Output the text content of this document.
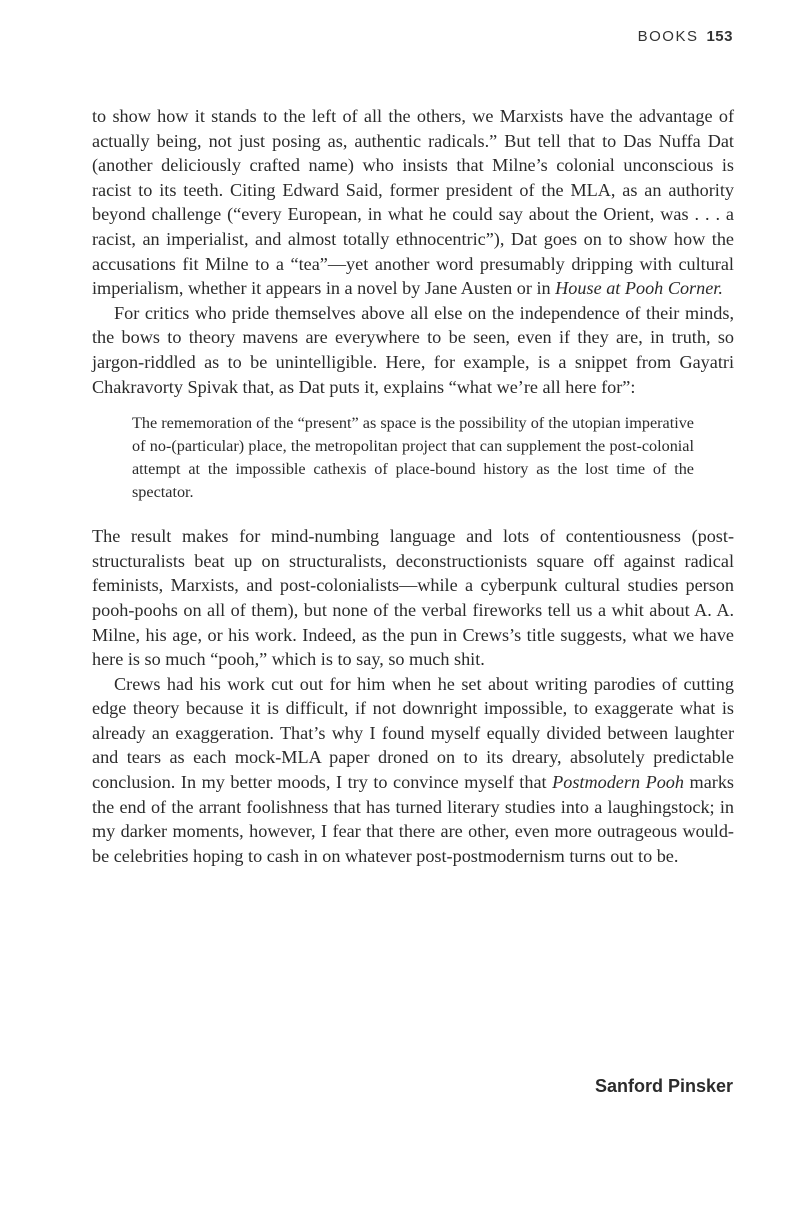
BOOKS 153

to show how it stands to the left of all the others, we Marxists have the advantage of actually being, not just posing as, authentic radicals.” But tell that to Das Nuffa Dat (another deliciously crafted name) who insists that Milne’s colonial unconscious is racist to its teeth. Citing Edward Said, former president of the MLA, as an authority beyond challenge (“every European, in what he could say about the Orient, was . . . a racist, an imperialist, and almost totally ethnocentric”), Dat goes on to show how the accusations fit Milne to a “tea”—yet another word presumably dripping with cultural imperialism, whether it appears in a novel by Jane Austen or in House at Pooh Corner.

For critics who pride themselves above all else on the independence of their minds, the bows to theory mavens are everywhere to be seen, even if they are, in truth, so jargon-riddled as to be unintelligible. Here, for example, is a snippet from Gayatri Chakravorty Spivak that, as Dat puts it, explains “what we’re all here for”:

The rememoration of the “present” as space is the possibility of the utopian imperative of no-(particular) place, the metropolitan project that can supplement the post-colonial attempt at the impossible cathexis of place-bound history as the lost time of the spectator.

The result makes for mind-numbing language and lots of contentiousness (post-structuralists beat up on structuralists, deconstructionists square off against radical feminists, Marxists, and post-colonialists—while a cyberpunk cultural studies person pooh-poohs on all of them), but none of the verbal fireworks tell us a whit about A. A. Milne, his age, or his work. Indeed, as the pun in Crews’s title suggests, what we have here is so much “pooh,” which is to say, so much shit.

Crews had his work cut out for him when he set about writing parodies of cutting edge theory because it is difficult, if not downright impossible, to exaggerate what is already an exaggeration. That’s why I found myself equally divided between laughter and tears as each mock-MLA paper droned on to its dreary, absolutely predictable conclusion. In my better moods, I try to convince myself that Postmodern Pooh marks the end of the arrant foolishness that has turned literary studies into a laughingstock; in my darker moments, however, I fear that there are other, even more outrageous would-be celebrities hoping to cash in on whatever post-postmodernism turns out to be.

Sanford Pinsker
